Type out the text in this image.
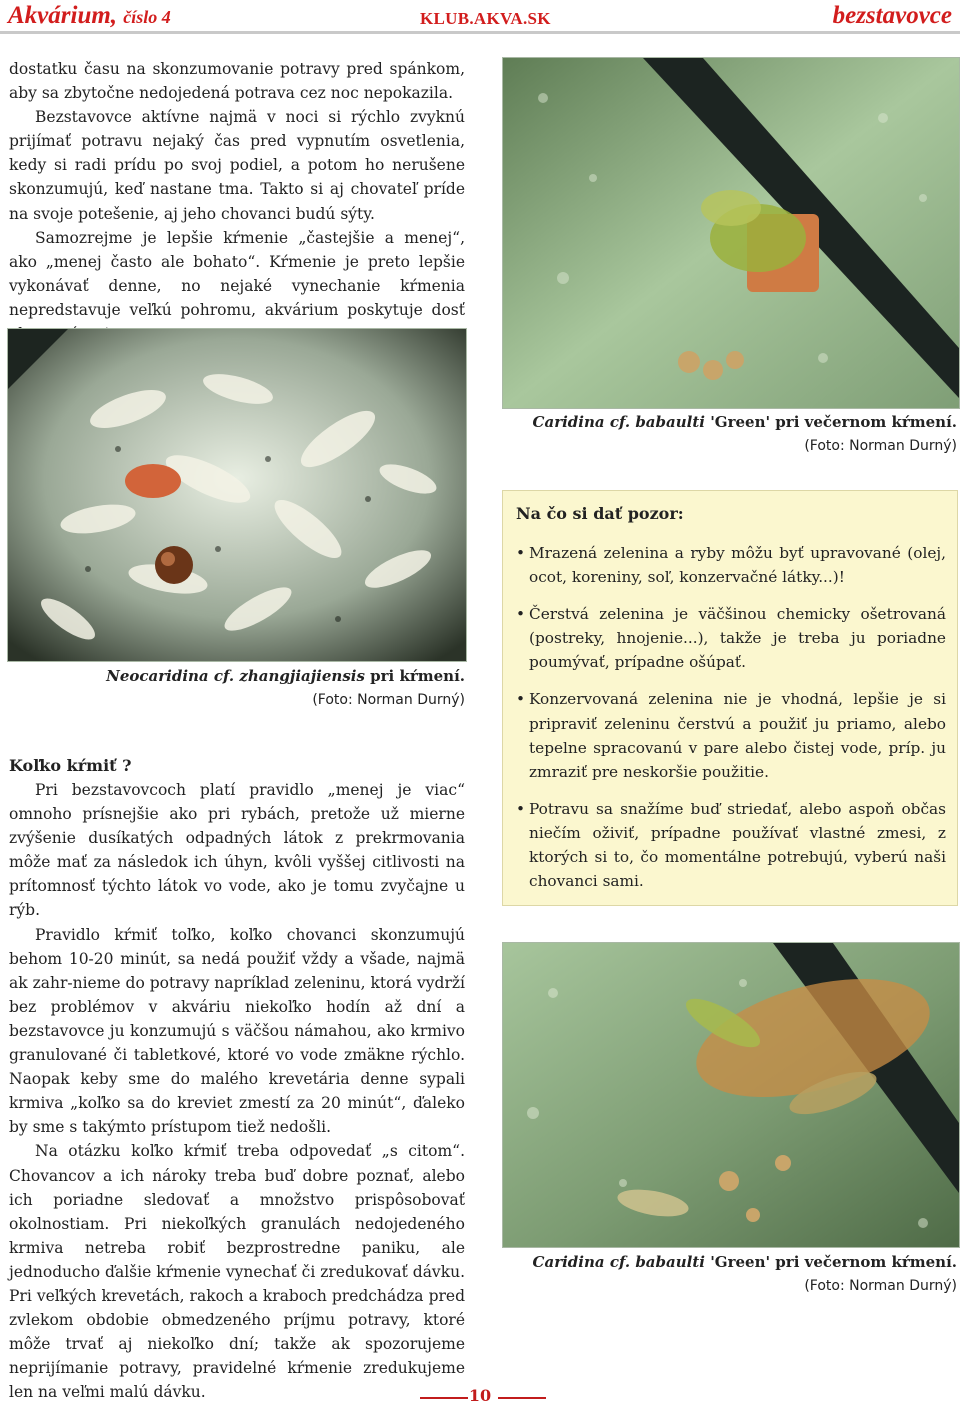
Akvárium, číslo 4	KLUB.AKVA.SK	bezstavovce

dostatku času na skonzumovanie potravy pred spánkom, aby sa zbytočne nedojedená potrava cez noc nepokazila.

Bezstavovce aktívne najmä v noci si rýchlo zvyknú prijímať potravu nejaký čas pred vypnutím osvetlenia, kedy si radi prídu po svoj podiel, a potom ho nerušene skonzumujú, keď nastane tma. Takto si aj chovateľ príde na svoje potešenie, aj jeho chovanci budú sýty.

Samozrejme je lepšie kŕmenie „častejšie a menej“, ako „menej často ale bohato“. Kŕmenie je preto lepšie vykonávať denne, no nejaké vynechanie kŕmenia nepredstavuje veľkú pohromu, akvárium poskytuje dosť

Neocaridina cf. zhangjiajiensis pri kŕmení.
(Foto: Norman Durný)
Koľko kŕmiť ?

Pri bezstavovcoch platí pravidlo „menej je viac“ omnoho prísnejšie ako pri rybách, pretože už mierne zvýšenie dusíkatých odpadných látok z prekrmovania môže mať za následok ich úhyn, kvôli vyššej citlivosti na prítomnosť týchto látok vo vode, ako je tomu zvyčajne u rýb.

Pravidlo kŕmiť toľko, koľko chovanci skonzumujú behom 10-20 minút, sa nedá použiť vždy a všade, najmä ak zahr-nieme do potravy napríklad zeleninu, ktorá vydrží bez problémov v akváriu niekoľko hodín až dní a bezstavovce ju konzumujú s väčšou námahou, ako krmivo granulované či tabletkové, ktoré vo vode zmäkne rýchlo. Naopak keby sme do malého krevetária denne sypali krmiva „koľko sa do kreviet zmestí za 20 minút“, ďaleko by sme s takýmto prístupom tiež nedošli.

Na otázku koľko kŕmiť treba odpovedať „s citom“. Chovancov a ich nároky treba buď dobre poznať, alebo ich poriadne sledovať a množstvo prispôsobovať okolnostiam. Pri niekoľkých granulách nedojedeného krmiva netreba robiť bezprostredne paniku, ale jednoducho ďalšie kŕmenie vynechať či zredukovať dávku. Pri veľkých krevetách, rakoch a kraboch predchádza pred zvlekom obdobie obmedzeného príjmu potravy, ktoré môže trvať aj niekoľko dní; takže ak spozorujeme neprijímanie potravy, pravidelné kŕmenie zredukujeme len na veľmi malú dávku.

Caridina cf. babaulti 'Green' pri večernom kŕmení.
(Foto: Norman Durný)
Na čo si dať pozor:
• Mrazená zelenina a ryby môžu byť upravované (olej, ocot, koreniny, soľ, konzervačné látky...)!
• Čerstvá zelenina je väčšinou chemicky ošetrovaná (postreky, hnojenie...), takže je treba ju poriadne poumývať, prípadne ošúpať.
• Konzervovaná zelenina nie je vhodná, lepšie je si pripraviť zeleninu čerstvú a použiť ju priamo, alebo tepelne spracovanú v pare alebo čistej vode, príp. ju zmraziť pre neskoršie použitie.
• Potravu sa snažíme buď striedať, alebo aspoň občas niečím oživiť, prípadne používať vlastné zmesi, z ktorých si to, čo momentálne potrebujú, vyberú naši chovanci sami.
Caridina cf. babaulti 'Green' pri večernom kŕmení.
(Foto: Norman Durný)
10
